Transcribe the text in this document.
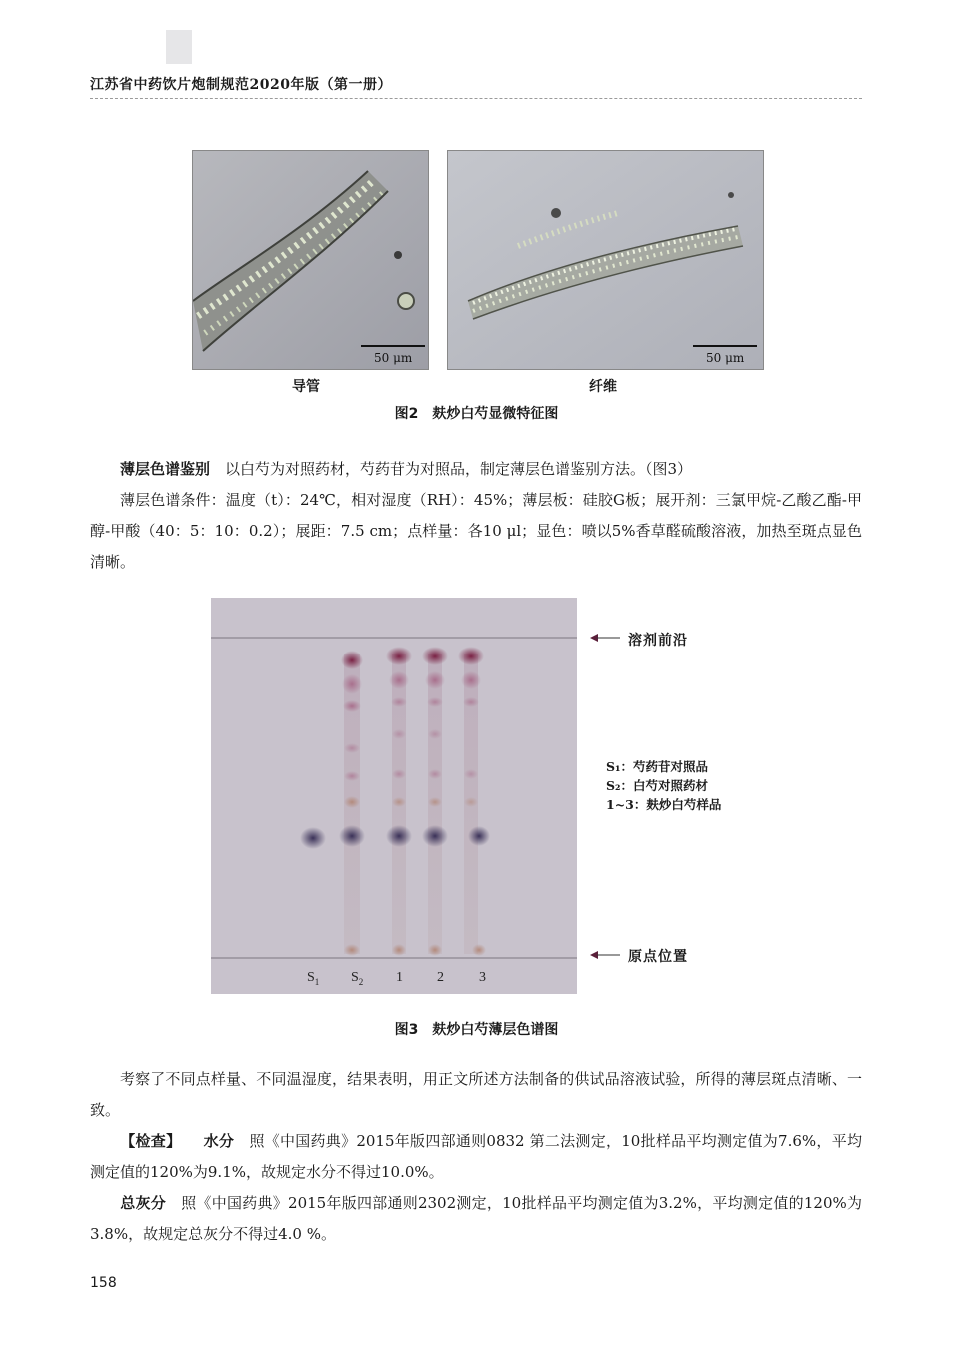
江苏省中药饮片炮制规范2020年版（第一册）
50 μm	50 μm
导管	纤维
图2　麸炒白芍显微特征图

薄层色谱鉴别　以白芍为对照药材，芍药苷为对照品，制定薄层色谱鉴别方法。（图3）

薄层色谱条件：温度（t）：24℃，相对湿度（RH）：45%；薄层板：硅胶G板；展开剂：三氯甲烷-乙酸乙酯-甲醇-甲酸（40：5：10：0.2）；展距：7.5 cm；点样量：各10 μl；显色：喷以5%香草醛硫酸溶液，加热至斑点显色清晰。

$S_1$ $S_2$ 1 2	3
溶剂前沿
原点位置
S₁：芍药苷对照品
S₂：白芍对照药材
1~3：麸炒白芍样品
图3　麸炒白芍薄层色谱图

考察了不同点样量、不同温湿度，结果表明，用正文所述方法制备的供试品溶液试验，所得的薄层斑点清晰、一致。

【检查】 水分　照《中国药典》2015年版四部通则0832 第二法测定，10批样品平均测定值为7.6%，平均测定值的120%为9.1%，故规定水分不得过10.0%。

总灰分　照《中国药典》2015年版四部通则2302测定，10批样品平均测定值为3.2%，平均测定值的120%为3.8%，故规定总灰分不得过4.0 %。

158
